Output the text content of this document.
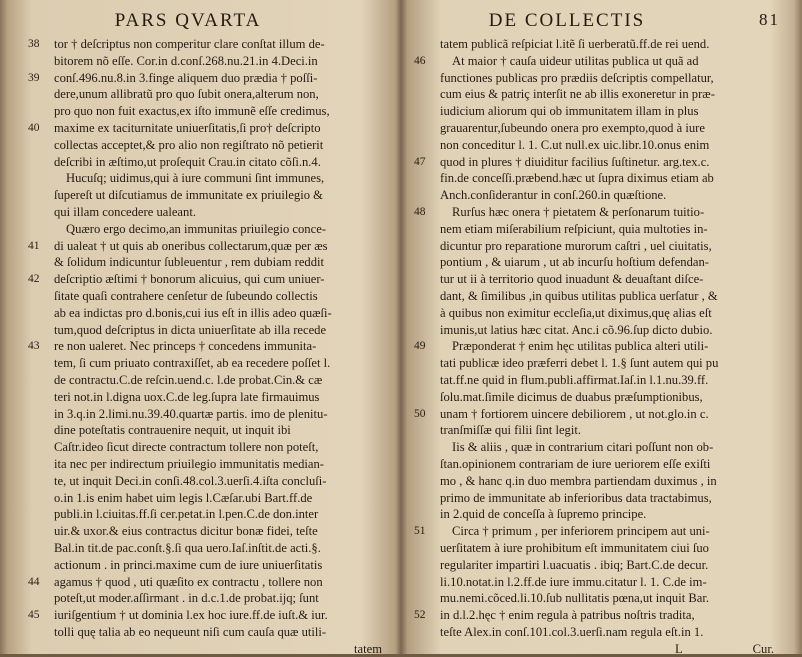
PARS QVARTA
38	tor † deſcriptus non comperitur clare conſtat illum de-
bitorem nõ eſſe. Cor.in d.conſ.268.nu.21.in 4.Deci.in
39	conſ.496.nu.8.in 3.finge aliquem duo prædia † poſſi-
dere,unum allibratũ pro quo ſubit onera,alterum non,
pro quo non fuit exactus,ex iſto immunẽ eſſe credimus,
40	maxime ex taciturnitate uniuerſitatis,ſi pro† deſcripto
collectas acceptet,& pro alio non regiſtrato nõ petierit
deſcribi in æſtimo,ut proſequit Crau.in citato cõſi.n.4.
Hucuſq; uidimus,qui à iure communi ſint immunes,
ſupereſt ut diſcutiamus de immunitate ex priuilegio &
qui illam concedere ualeant.
Quæro ergo decimo,an immunitas priuilegio conce-
41	di ualeat † ut quis ab oneribus collectarum,quæ per æs
& ſolidum indicuntur ſubleuentur , rem dubiam reddit
42	deſcriptio æſtimi † bonorum alicuius, qui cum uniuer-
ſitate quaſi contrahere cenſetur de ſubeundo collectis
ab ea indictas pro d.bonis,cui ius eſt in illis adeo quæſi-
tum,quod deſcriptus in dicta uniuerſitate ab illa recede
43	re non ualeret. Nec princeps † concedens immunita-
tem, ſi cum priuato contraxiſſet, ab ea recedere poſſet l.
de contractu.C.de reſcin.uend.c. l.de probat.Cin.& cæ
teri not.in l.digna uox.C.de leg.ſupra late firmauimus
in 3.q.in 2.limi.nu.39.40.quartæ partis. imo de plenitu-
dine poteſtatis contrauenire nequit, ut inquit ibi
Caſtr.ideo ſicut directe contractum tollere non poteſt,
ita nec per indirectum priuilegio immunitatis median-
te, ut inquit Deci.in conſi.48.col.3.uerſi.4.iſta concluſi-
o.in 1.is enim habet uim legis l.Cæſar.ubi Bart.ff.de
publi.in l.ciuitas.ff.ſi cer.petat.in l.pen.C.de don.inter
uir.& uxor.& eius contractus dicitur bonæ fidei, teſte
Bal.in tit.de pac.conſt.§.ſi qua uero.Iaſ.inſtit.de acti.§.
actionum . in princi.maxime cum de iure uniuerſitatis
44	agamus † quod , uti quæſito ex contractu , tollere non
poteſt,ut moder.aſſirmant . in d.c.1.de probat.ijq; ſunt
45	iuriſgentium † ut dominia l.ex hoc iure.ff.de iuſt.& iur.
tolli quę talia ab eo nequeunt niſi cum cauſa quæ utili-
tatem
DE COLLECTIS	81
tatem publicã reſpiciat l.itẽ ſi uerberatũ.ff.de rei uend.
46	At maior † cauſa uideur utilitas publica ut quã ad
functiones publicas pro prædiis deſcriptis compellatur,
cum eius & patriç interſit ne ab illis exoneretur in præ-
iudicium aliorum qui ob immunitatem illam in plus
grauarentur,ſubeundo onera pro exempto,quod à iure
non conceditur l. 1. C.ut null.ex uic.libr.10.onus enim
47	quod in plures † diuiditur facilius ſuſtinetur. arg.tex.c.
fin.de conceſſi.præbend.hæc ut ſupra diximus etiam ab
Anch.conſiderantur in conſ.260.in quæſtione.
48	Rurſus hæc onera † pietatem & perſonarum tuitio-
nem etiam miſerabilium reſpiciunt, quia multoties in-
dicuntur pro reparatione murorum caſtri , uel ciuitatis,
pontium , & uiarum , ut ab incurſu hoſtium defendan-
tur ut ii à territorio quod inuadunt & deuaſtant diſce-
dant, & ſimilibus ,in quibus utilitas publica uerſatur , &
à quibus non eximitur eccleſia,ut diximus,quę alias eſt
imunis,ut latius hæc citat. Anc.i cõ.96.ſup dicto dubio.
49	Præponderat † enim hęc utilitas publica alteri utili-
tati publicæ ideo præferri debet l. 1.§ ſunt autem qui pu
tat.ff.ne quid in flum.publi.affirmat.Iaſ.in l.1.nu.39.ff.
ſolu.mat.ſimile dicimus de duabus præſumptionibus,
50	unam † fortiorem uincere debiliorem , ut not.glo.in c.
tranſmiſſæ qui filii ſint legit.
Iis & aliis , quæ in contrarium citari poſſunt non ob-
ſtan.opinionem contrariam de iure ueriorem eſſe exiſti
mo , & hanc q.in duo membra partiendam duximus , in
primo de immunitate ab inferioribus data tractabimus,
in 2.quid de conceſſa à ſupremo principe.
51	Circa † primum , per inferiorem principem aut uni-
uerſitatem à iure prohibitum eſt immunitatem ciui ſuo
regulariter impartiri l.uacuatis . ibiq; Bart.C.de decur.
li.10.notat.in l.2.ff.de iure immu.citatur l. 1. C.de im-
mu.nemi.cõced.li.10.ſub nullitatis pœna,ut inquit Bar.
52	in d.l.2.hęc † enim regula à patribus noſtris tradita,
teſte Alex.in conſ.101.col.3.uerſi.nam regula eſt.in 1.
L	Cur.
